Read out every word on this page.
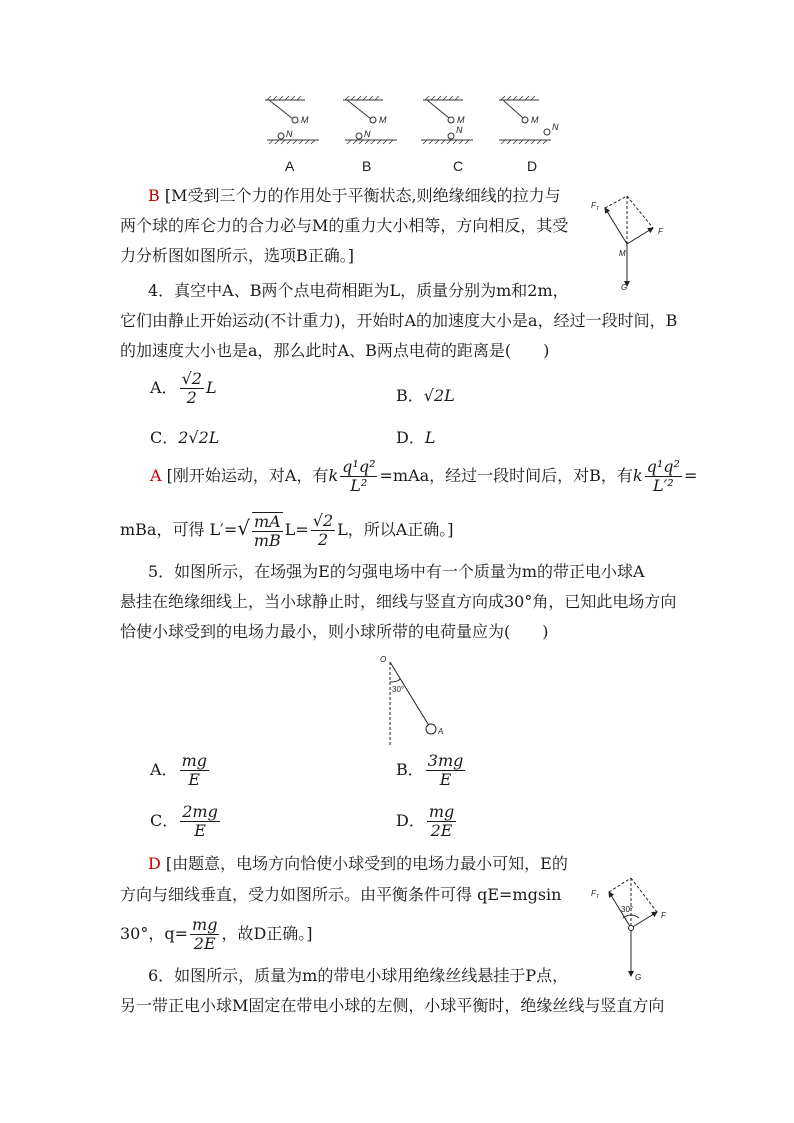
M
N
M
N
M
N
M
N
A	B	C	D
B [M受到三个力的作用处于平衡状态,则绝缘细线的拉力与
两个球的库仑力的合力必与M的重力大小相等，方向相反，其受
力分析图如图所示，选项B正确。]
F T
F
M
G
4．真空中A、B两个点电荷相距为L，质量分别为m和2m，
它们由静止开始运动(不计重力)，开始时A的加速度大小是a，经过一段时间，B
的加速度大小也是a，那么此时A、B两点电荷的距离是(　　)
A． $\frac{√2}{2}$ L	B．√2L
C．2√2L	D．L
A [刚开始运动，对A，有k $\frac{\text{q¹q²}}{\text{L²}} =mAa$，经过一段时间后，对B，有k $\frac{\text{q¹q²}}{\text{L′²}}$ =
mBa，可得 $L'=√ \frac{mA}{mB} L= \frac{√2}{2}$ L，所以A正确。]
5．如图所示，在场强为E的匀强电场中有一个质量为m的带正电小球A
悬挂在绝缘细线上，当小球静止时，细线与竖直方向成30°角，已知此电场方向
恰使小球受到的电场力最小，则小球所带的电荷量应为(　　)
O
30°
A
A． $\frac{mg}{E}$	B． $\frac{3mg}{E}$
C． $\frac{2mg}{E}$	D． $\frac{mg}{2E}$
D [由题意，电场方向恰使小球受到的电场力最小可知，E的
方向与细线垂直，受力如图所示。由平衡条件可得 qE=mgsin
30°，$q= \frac{mg}{2E}$ ，故D正确。]
F T
30°
F
G
6．如图所示，质量为m的带电小球用绝缘丝线悬挂于P点，
另一带正电小球M固定在带电小球的左侧，小球平衡时，绝缘丝线与竖直方向
